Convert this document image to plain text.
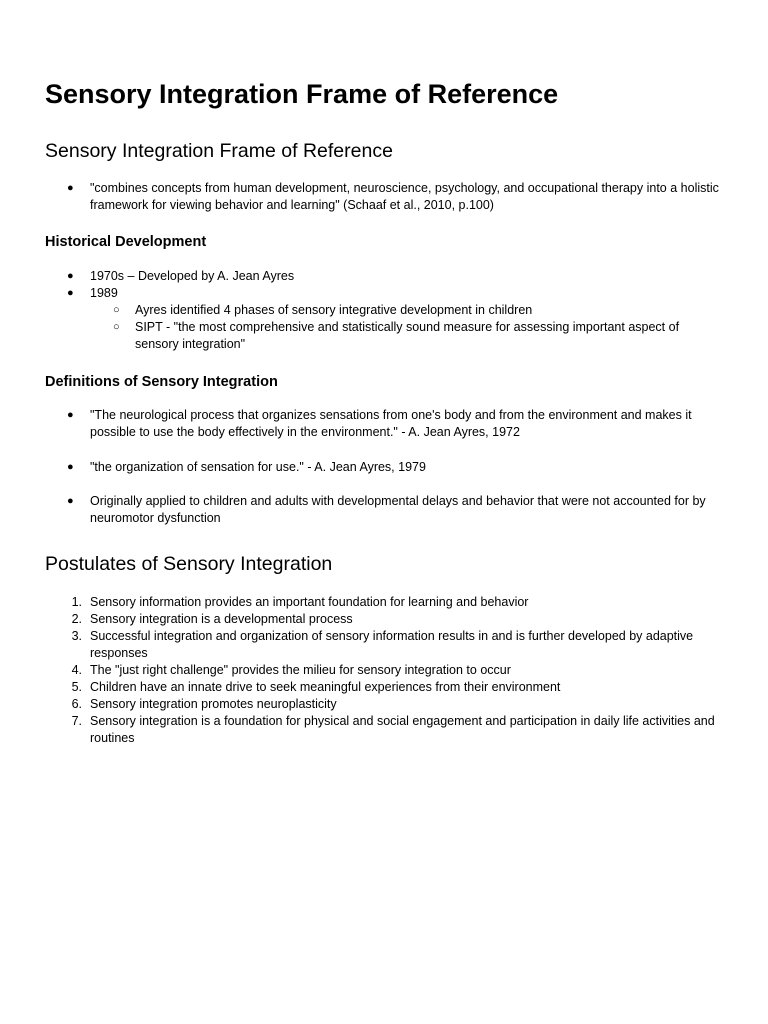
Sensory Integration Frame of Reference
Sensory Integration Frame of Reference
● "combines concepts from human development, neuroscience, psychology, and occupational therapy into a holistic framework for viewing behavior and learning" (Schaaf et al., 2010, p.100)

Historical Development
● 1970s – Developed by A. Jean Ayres

● 1989

○ Ayres identified 4 phases of sensory integrative development in children

○ SIPT - "the most comprehensive and statistically sound measure for assessing important aspect of sensory integration"

Definitions of Sensory Integration
● "The neurological process that organizes sensations from one's body and from the environment and makes it possible to use the body effectively in the environment." - A. Jean Ayres, 1972

● "the organization of sensation for use." - A. Jean Ayres, 1979

● Originally applied to children and adults with developmental delays and behavior that were not accounted for by neuromotor dysfunction

Postulates of Sensory Integration
1. Sensory information provides an important foundation for learning and behavior

2. Sensory integration is a developmental process

3. Successful integration and organization of sensory information results in and is further developed by adaptive responses

4. The "just right challenge" provides the milieu for sensory integration to occur

5. Children have an innate drive to seek meaningful experiences from their environment

6. Sensory integration promotes neuroplasticity

7. Sensory integration is a foundation for physical and social engagement and participation in daily life activities and routines
